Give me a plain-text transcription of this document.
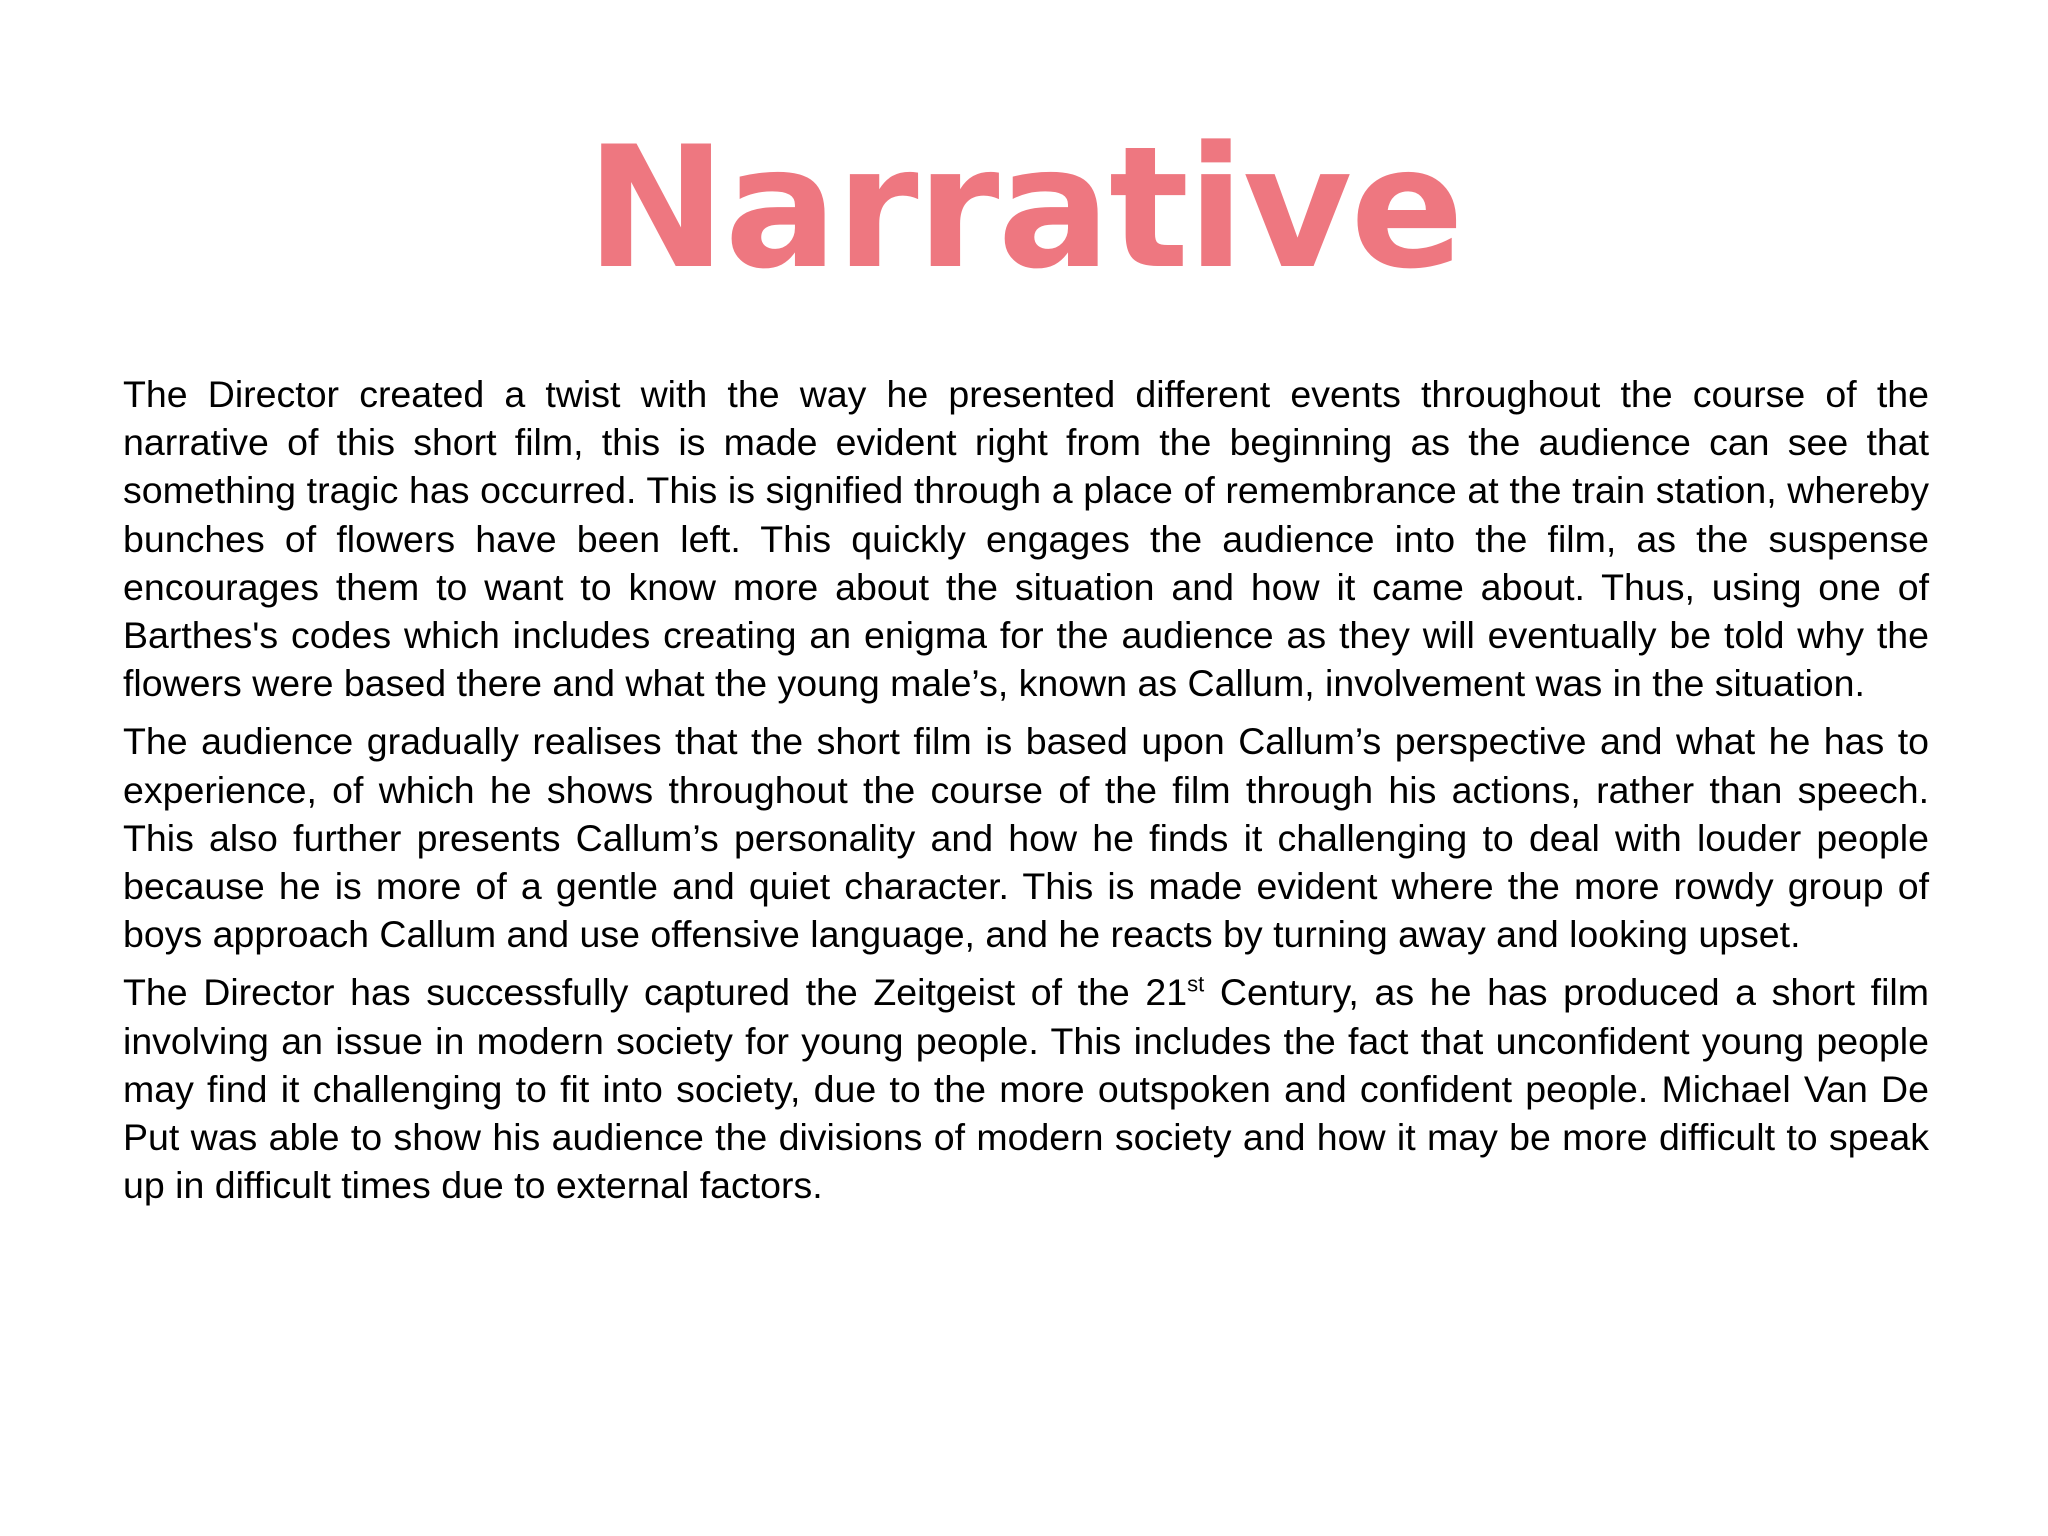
Narrative

The Director created a twist with the way he presented different events throughout the course of the narrative of this short film, this is made evident right from the beginning as the audience can see that something tragic has occurred. This is signified through a place of remembrance at the train station, whereby bunches of flowers have been left. This quickly engages the audience into the film, as the suspense encourages them to want to know more about the situation and how it came about. Thus, using one of Barthes's codes which includes creating an enigma for the audience as they will eventually be told why the flowers were based there and what the young male’s, known as Callum, involvement was in the situation.

The audience gradually realises that the short film is based upon Callum’s perspective and what he has to experience, of which he shows throughout the course of the film through his actions, rather than speech. This also further presents Callum’s personality and how he finds it challenging to deal with louder people because he is more of a gentle and quiet character. This is made evident where the more rowdy group of boys approach Callum and use offensive language, and he reacts by turning away and looking upset.

The Director has successfully captured the Zeitgeist of the 21st Century, as he has produced a short film involving an issue in modern society for young people. This includes the fact that unconfident young people may find it challenging to fit into society, due to the more outspoken and confident people. Michael Van De Put was able to show his audience the divisions of modern society and how it may be more difficult to speak up in difficult times due to external factors.
